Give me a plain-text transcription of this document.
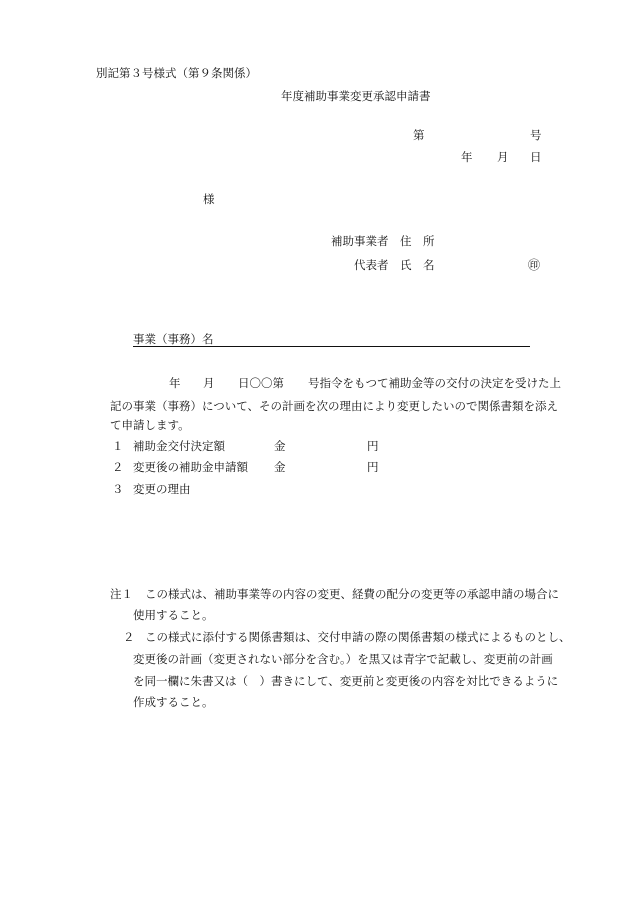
別記第３号様式（第９条関係）
年度補助事業変更承認申請書
第	号
年 月 日
様
補助事業者 住　所
代表者 氏　名	㊞
事業（事務）名
年 月 日〇〇第 号指令をもつて補助金等の交付の決定を受けた上
記の事業（事務）について、その計画を次の理由により変更したいので関係書類を添え
て申請します。
１ 補助金交付決定額	金	円
２ 変更後の補助金申請額 金	円
３ 変更の理由
注１ この様式は、補助事業等の内容の変更、経費の配分の変更等の承認申請の場合に
使用すること。
２ この様式に添付する関係書類は、交付申請の際の関係書類の様式によるものとし、
変更後の計画（変更されない部分を含む。）を黒又は青字で記載し、変更前の計画
を同一欄に朱書又は（　）書きにして、変更前と変更後の内容を対比できるように
作成すること。
